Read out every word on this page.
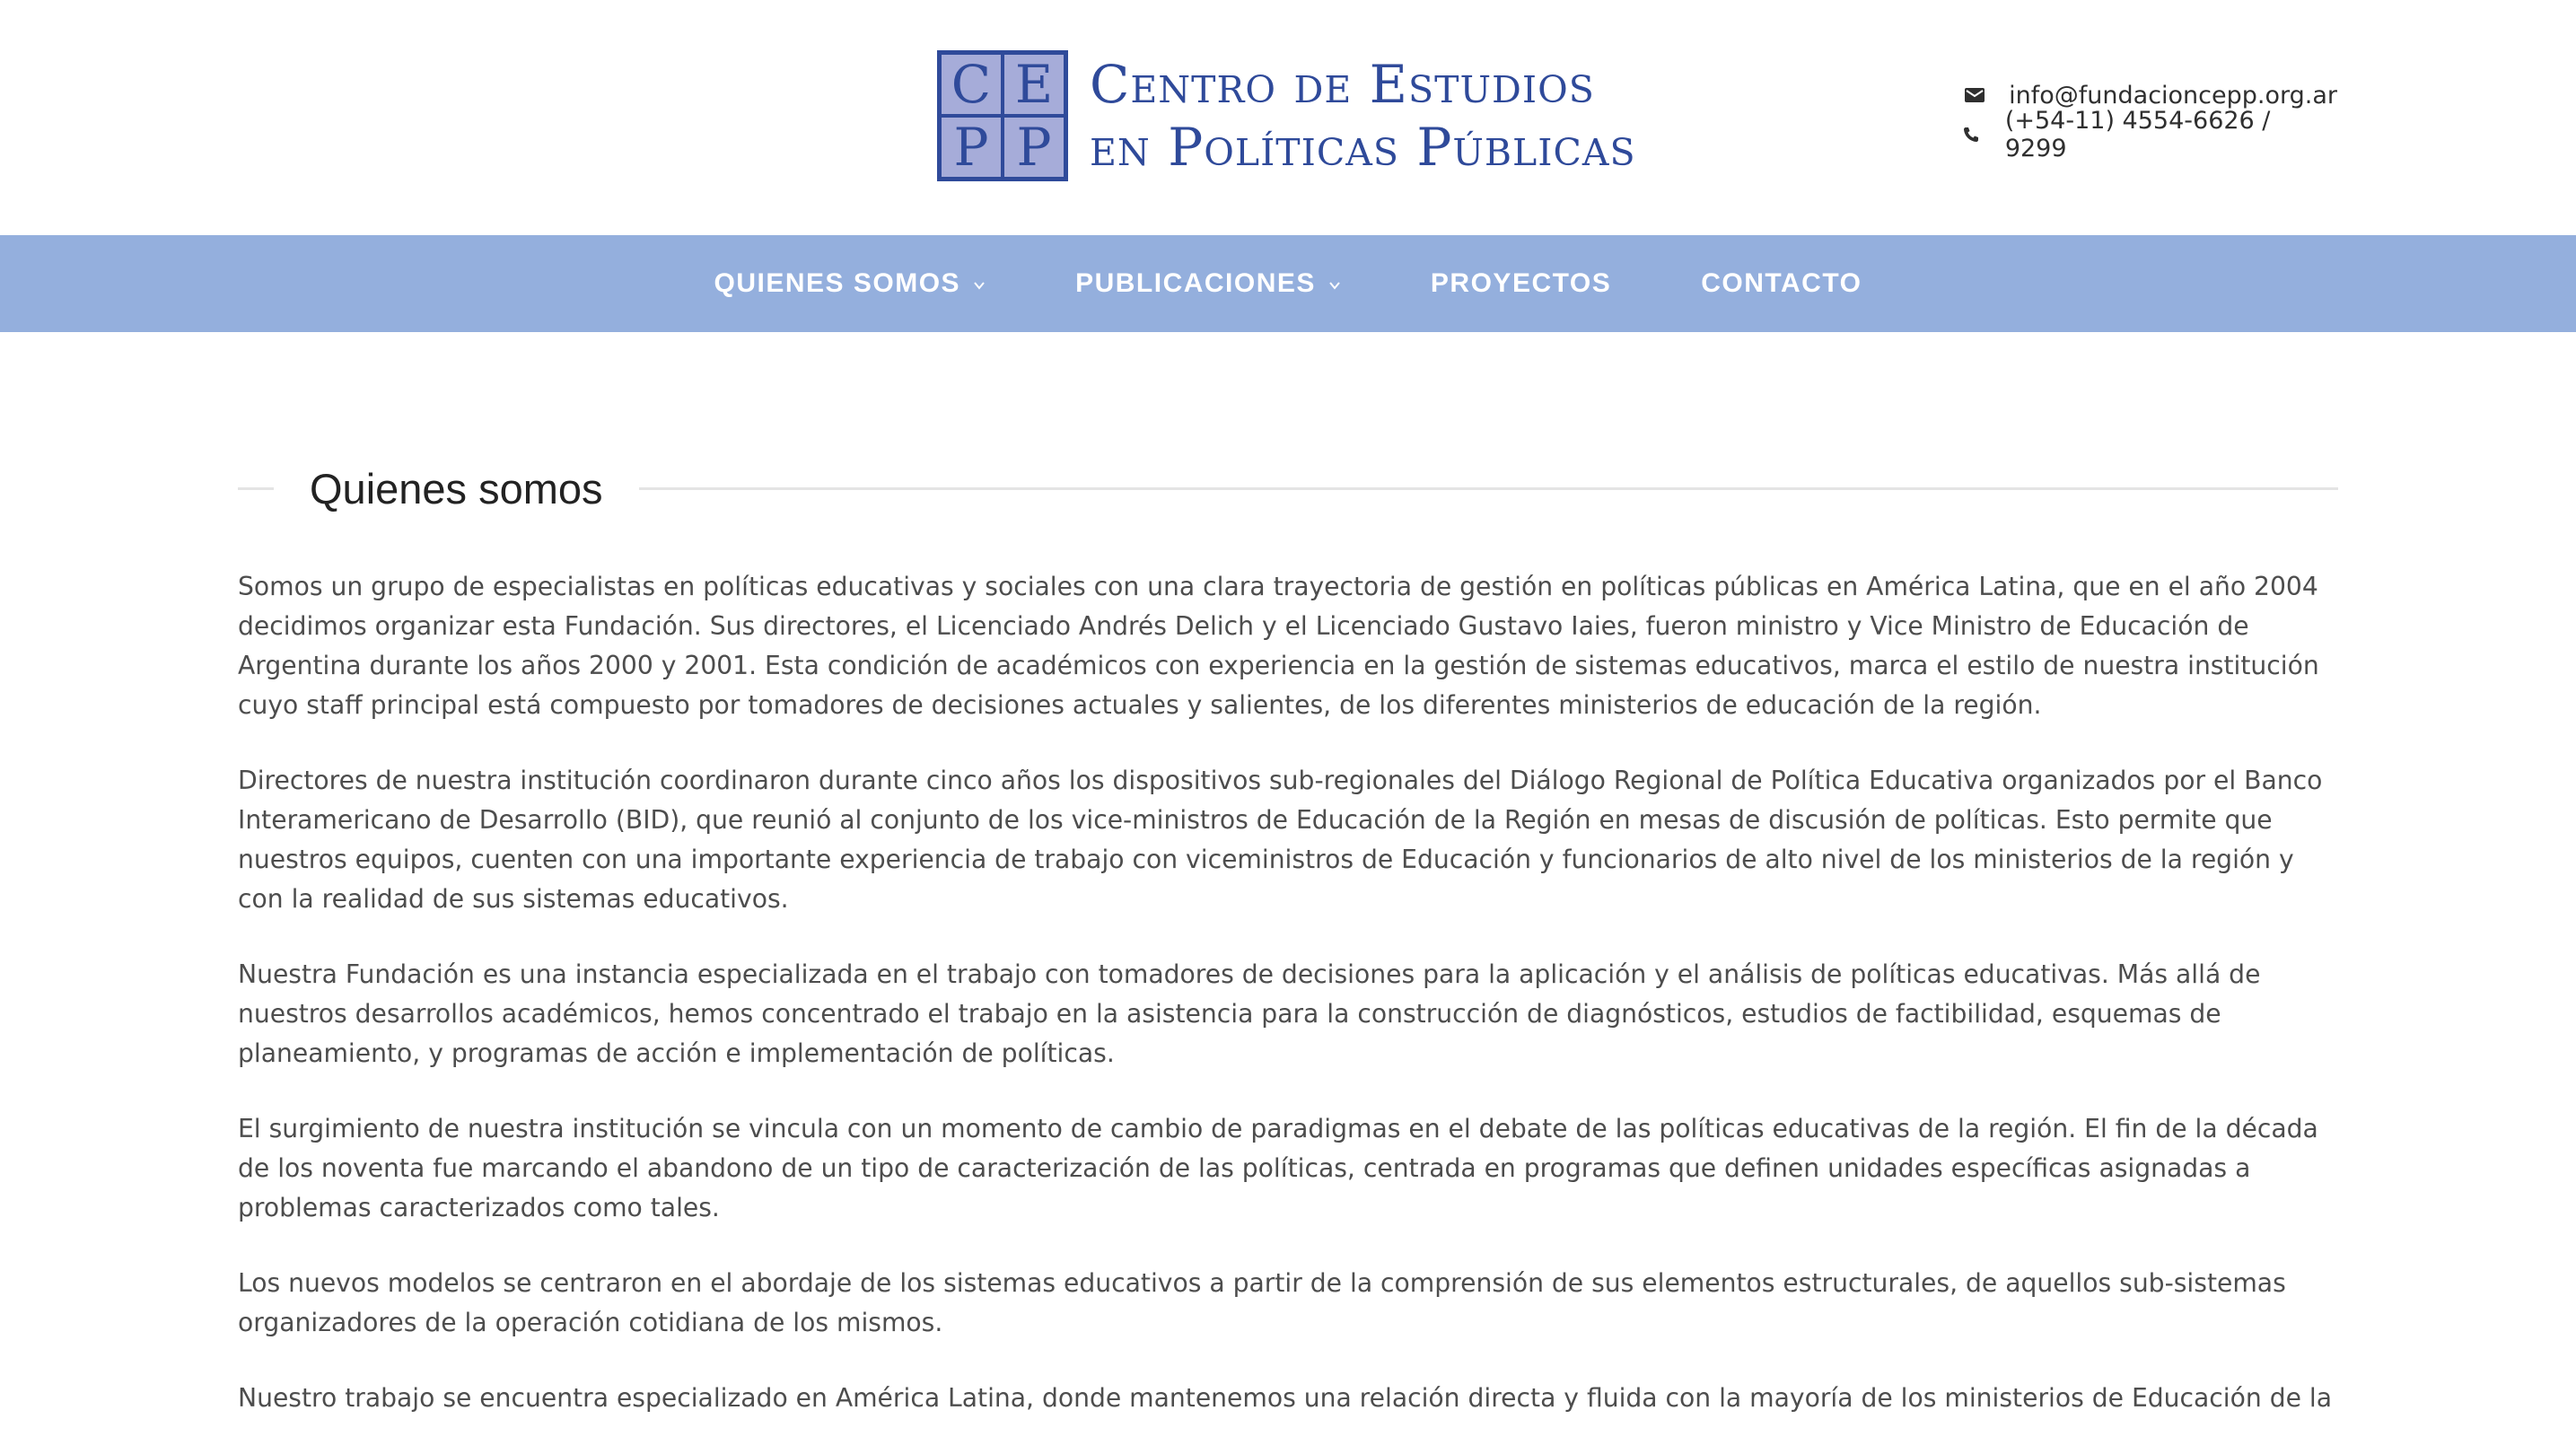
C E
P P
Centro de Estudios
en Políticas Públicas
info@fundacioncepp.org.ar
(+54-11) 4554-6626 / 9299
QUIENES SOMOS	PUBLICACIONES	PROYECTOS	CONTACTO
Quienes somos

Somos un grupo de especialistas en políticas educativas y sociales con una clara trayectoria de gestión en políticas públicas en América Latina, que en el año 2004 decidimos organizar esta Fundación. Sus directores, el Licenciado Andrés Delich y el Licenciado Gustavo Iaies, fueron ministro y Vice Ministro de Educación de Argentina durante los años 2000 y 2001. Esta condición de académicos con experiencia en la gestión de sistemas educativos, marca el estilo de nuestra institución cuyo staff principal está compuesto por tomadores de decisiones actuales y salientes, de los diferentes ministerios de educación de la región.

Directores de nuestra institución coordinaron durante cinco años los dispositivos sub-regionales del Diálogo Regional de Política Educativa organizados por el Banco Interamericano de Desarrollo (BID), que reunió al conjunto de los vice-ministros de Educación de la Región en mesas de discusión de políticas. Esto permite que nuestros equipos, cuenten con una importante experiencia de trabajo con viceministros de Educación y funcionarios de alto nivel de los ministerios de la región y con la realidad de sus sistemas educativos.

Nuestra Fundación es una instancia especializada en el trabajo con tomadores de decisiones para la aplicación y el análisis de políticas educativas. Más allá de nuestros desarrollos académicos, hemos concentrado el trabajo en la asistencia para la construcción de diagnósticos, estudios de factibilidad, esquemas de planeamiento, y programas de acción e implementación de políticas.

El surgimiento de nuestra institución se vincula con un momento de cambio de paradigmas en el debate de las políticas educativas de la región. El fin de la década de los noventa fue marcando el abandono de un tipo de caracterización de las políticas, centrada en programas que definen unidades específicas asignadas a problemas caracterizados como tales.

Los nuevos modelos se centraron en el abordaje de los sistemas educativos a partir de la comprensión de sus elementos estructurales, de aquellos sub-sistemas organizadores de la operación cotidiana de los mismos.

Nuestro trabajo se encuentra especializado en América Latina, donde mantenemos una relación directa y fluida con la mayoría de los ministerios de Educación de la
